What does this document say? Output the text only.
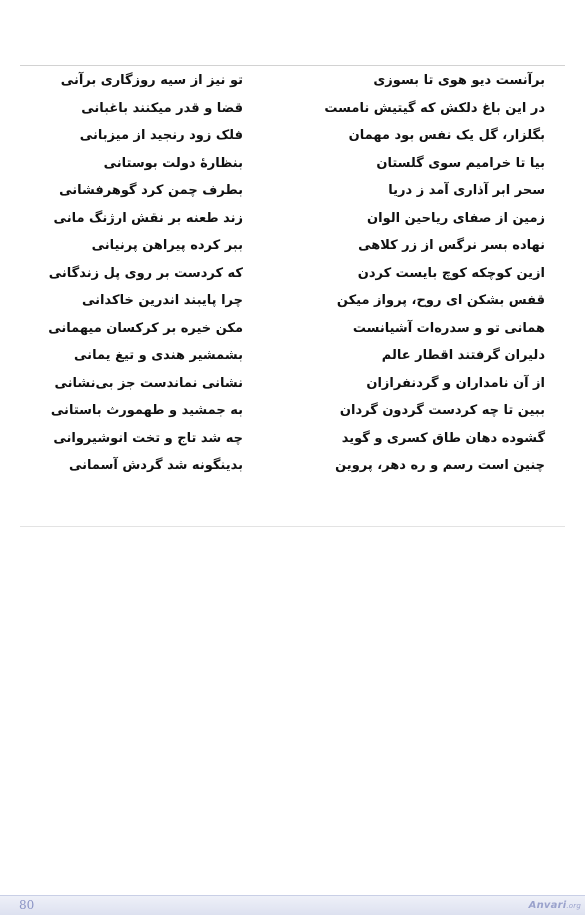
برآنست دیو هوی تا بسوزی
تو نیز از سیه روزگاری برآنی
در این باغ دلکش که گیتیش نامست
قضا و قدر میکنند باغبانی
بگلزار، گل یک نفس بود مهمان
فلک زود رنجید از میزبانی
بیا تا خرامیم سوی گلستان
بنظارهٔ دولت بوستانی
سحر ابر آذاری آمد ز دریا
بطرف چمن کرد گوهرفشانی
زمین از صفای ریاحین الوان
زند طعنه بر نقش ارژنگ مانی
نهاده بسر نرگس از زر کلاهی
ببر کرده پیراهن پرنیانی
ازین کوچکه کوچ بایست کردن
که کردست بر روی پل زندگانی
قفس بشکن ای روح، پرواز میکن
چرا پایبند اندرین خاکدانی
همانی تو و سدره‌ات آشیانست
مکن خیره بر کرکسان میهمانی
دلیران گرفتند اقطار عالم
بشمشیر هندی و تیغ یمانی
از آن نامداران و گردنفرازان
نشانی نماندست جز بی‌نشانی
ببین تا چه کردست گردون گردان
به جمشید و طهمورث باستانی
گشوده دهان طاق کسری و گوید
چه شد تاج و تخت انوشیروانی
چنین است رسم و ره دهر، پروین
بدینگونه شد گردش آسمانی
80	Anvari.org
